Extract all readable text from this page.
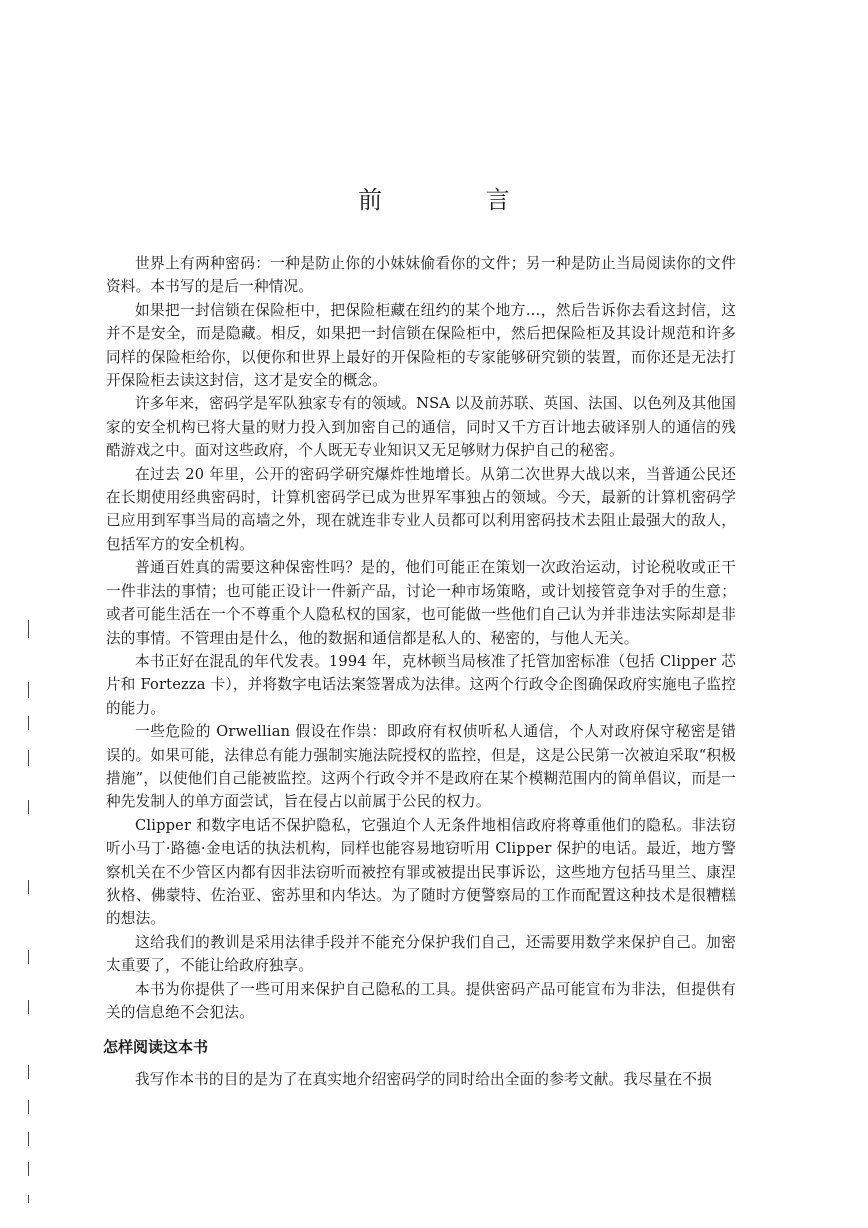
前 言

世界上有两种密码：一种是防止你的小妹妹偷看你的文件；另一种是防止当局阅读你的文件资料。本书写的是后一种情况。

如果把一封信锁在保险柜中，把保险柜藏在纽约的某个地方…，然后告诉你去看这封信，这并不是安全，而是隐藏。相反，如果把一封信锁在保险柜中，然后把保险柜及其设计规范和许多同样的保险柜给你，以便你和世界上最好的开保险柜的专家能够研究锁的装置，而你还是无法打开保险柜去读这封信，这才是安全的概念。

许多年来，密码学是军队独家专有的领域。NSA 以及前苏联、英国、法国、以色列及其他国家的安全机构已将大量的财力投入到加密自己的通信，同时又千方百计地去破译别人的通信的残酷游戏之中。面对这些政府，个人既无专业知识又无足够财力保护自己的秘密。

在过去 20 年里，公开的密码学研究爆炸性地增长。从第二次世界大战以来，当普通公民还在长期使用经典密码时，计算机密码学已成为世界军事独占的领域。今天，最新的计算机密码学已应用到军事当局的高墙之外，现在就连非专业人员都可以利用密码技术去阻止最强大的敌人，包括军方的安全机构。

普通百姓真的需要这种保密性吗？是的，他们可能正在策划一次政治运动，讨论税收或正干一件非法的事情；也可能正设计一件新产品，讨论一种市场策略，或计划接管竞争对手的生意；或者可能生活在一个不尊重个人隐私权的国家，也可能做一些他们自己认为并非违法实际却是非法的事情。不管理由是什么，他的数据和通信都是私人的、秘密的，与他人无关。

本书正好在混乱的年代发表。1994 年，克林顿当局核准了托管加密标准（包括 Clipper 芯片和 Fortezza 卡），并将数字电话法案签署成为法律。这两个行政令企图确保政府实施电子监控的能力。

一些危险的 Orwellian 假设在作祟：即政府有权侦听私人通信，个人对政府保守秘密是错误的。如果可能，法律总有能力强制实施法院授权的监控，但是，这是公民第一次被迫采取“积极措施”，以使他们自己能被监控。这两个行政令并不是政府在某个模糊范围内的简单倡议，而是一种先发制人的单方面尝试，旨在侵占以前属于公民的权力。

Clipper 和数字电话不保护隐私，它强迫个人无条件地相信政府将尊重他们的隐私。非法窃听小马丁·路德·金电话的执法机构，同样也能容易地窃听用 Clipper 保护的电话。最近，地方警察机关在不少管区内都有因非法窃听而被控有罪或被提出民事诉讼，这些地方包括马里兰、康涅狄格、佛蒙特、佐治亚、密苏里和内华达。为了随时方便警察局的工作而配置这种技术是很糟糕的想法。

这给我们的教训是采用法律手段并不能充分保护我们自己，还需要用数学来保护自己。加密太重要了，不能让给政府独享。

本书为你提供了一些可用来保护自己隐私的工具。提供密码产品可能宣布为非法，但提供有关的信息绝不会犯法。

怎样阅读这本书

我写作本书的目的是为了在真实地介绍密码学的同时给出全面的参考文献。我尽量在不损
